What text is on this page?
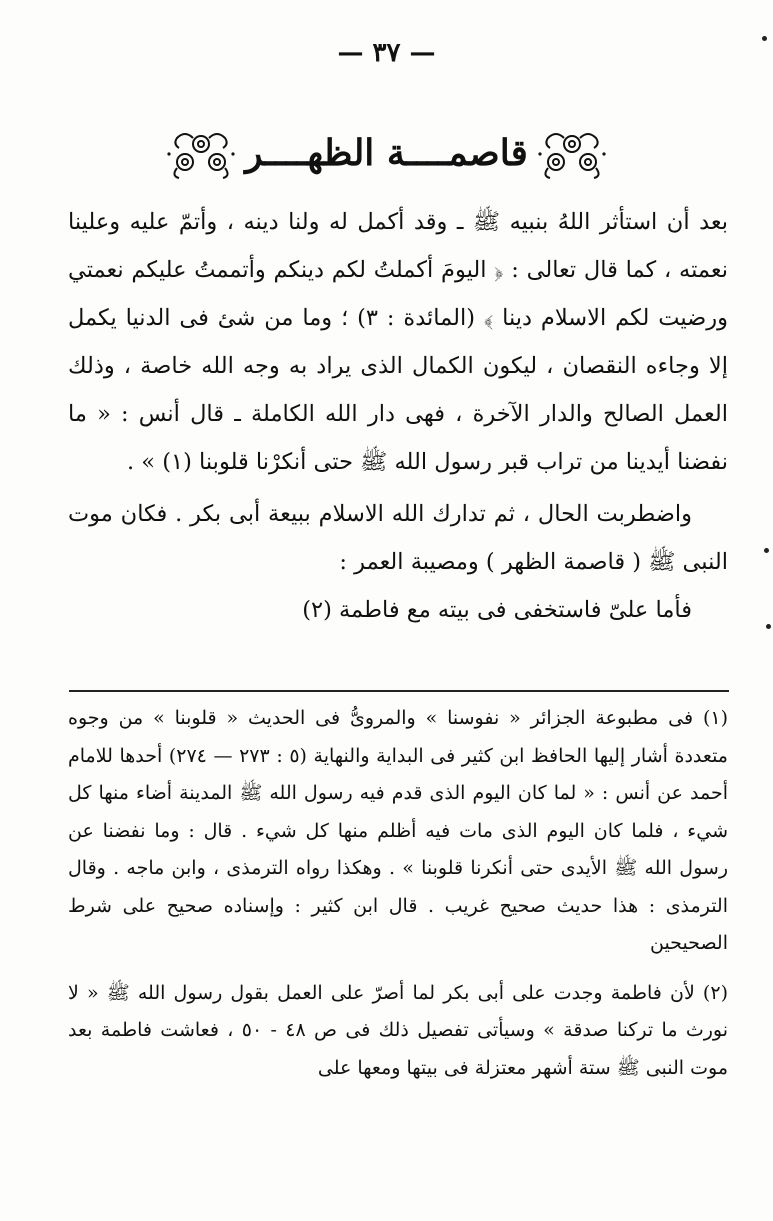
— ٣٧ —
قاصمــــة الظهــــر

بعد أن استأثر اللهُ بنبيه ﷺ ـ وقد أكمل له ولنا دينه ، وأتمّ عليه وعلينا نعمته ، كما قال تعالى : ﴿ اليومَ أكملتُ لكم دينكم وأتممتُ عليكم نعمتي ورضيت لكم الاسلام دينا ﴾ (المائدة : ٣) ؛ وما من شئ فى الدنيا يكمل إلا وجاءه النقصان ، ليكون الكمال الذى يراد به وجه الله خاصة ، وذلك العمل الصالح والدار الآخرة ، فهى دار الله الكاملة ـ قال أنس : « ما نفضنا أيدينا من تراب قبر رسول الله ﷺ حتى أنكرْنا قلوبنا (١) » .

واضطربت الحال ، ثم تدارك الله الاسلام ببيعة أبى بكر . فكان موت النبى ﷺ ( قاصمة الظهر ) ومصيبة العمر :

فأما علىّ فاستخفى فى بيته مع فاطمة (٢)

(١) فى مطبوعة الجزائر « نفوسنا » والمروىُّ فى الحديث « قلوبنا » من وجوه متعددة أشار إليها الحافظ ابن كثير فى البداية والنهاية (٥ : ٢٧٣ — ٢٧٤) أحدها للامام أحمد عن أنس : « لما كان اليوم الذى قدم فيه رسول الله ﷺ المدينة أضاء منها كل شيء ، فلما كان اليوم الذى مات فيه أظلم منها كل شيء . قال : وما نفضنا عن رسول الله ﷺ الأيدى حتى أنكرنا قلوبنا » . وهكذا رواه الترمذى ، وابن ماجه . وقال الترمذى : هذا حديث صحيح غريب . قال ابن كثير : وإسناده صحيح على شرط الصحيحين

(٢) لأن فاطمة وجدت على أبى بكر لما أصرّ على العمل بقول رسول الله ﷺ « لا نورث ما تركنا صدقة » وسيأتى تفصيل ذلك فى ص ٤٨ - ٥٠ ، فعاشت فاطمة بعد موت النبى ﷺ ستة أشهر معتزلة فى بيتها ومعها على
